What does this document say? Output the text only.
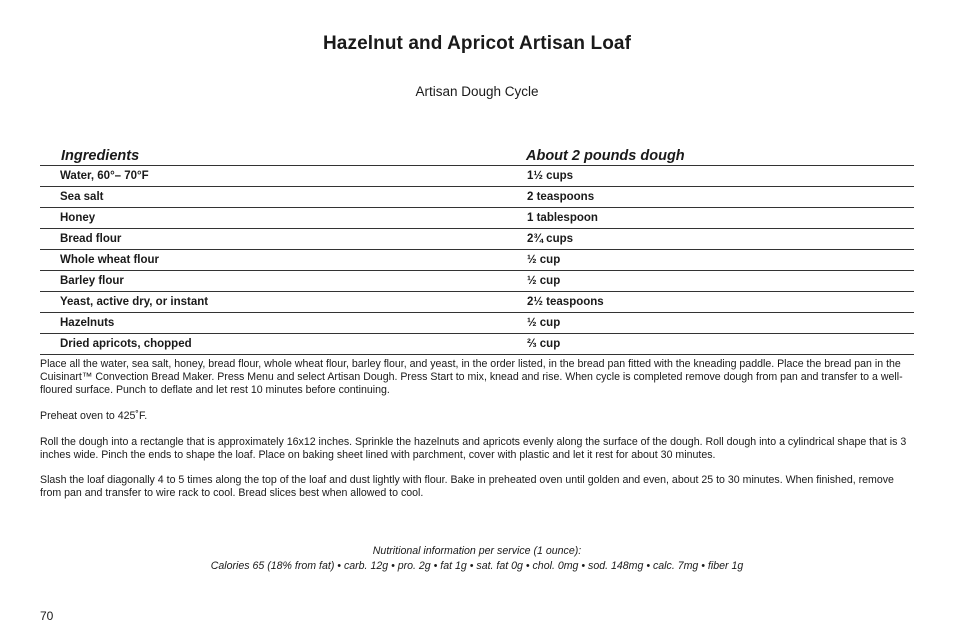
Hazelnut and Apricot Artisan Loaf
Artisan Dough Cycle
Ingredients	About 2 pounds dough
Water, 60°– 70°F	1½ cups
Sea salt	2 teaspoons
Honey	1 tablespoon
Bread flour	2¾ cups
Whole wheat flour	½ cup
Barley flour	½ cup
Yeast, active dry, or instant	2½ teaspoons
Hazelnuts	½ cup
Dried apricots, chopped	⅔ cup

Place all the water, sea salt, honey, bread flour, whole wheat flour, barley flour, and yeast, in the order listed, in the bread pan fitted with the kneading paddle. Place the bread pan in the Cuisinart™ Convection Bread Maker. Press Menu and select Artisan Dough. Press Start to mix, knead and rise. When cycle is completed remove dough from pan and transfer to a well-floured surface. Punch to deflate and let rest 10 minutes before continuing.

Preheat oven to 425˚F.

Roll the dough into a rectangle that is approximately 16x12 inches. Sprinkle the hazelnuts and apricots evenly along the surface of the dough. Roll dough into a cylindrical shape that is 3 inches wide. Pinch the ends to shape the loaf. Place on baking sheet lined with parchment, cover with plastic and let it rest for about 30 minutes.

Slash the loaf diagonally 4 to 5 times along the top of the loaf and dust lightly with flour. Bake in preheated oven until golden and even, about 25 to 30 minutes. When finished, remove from pan and transfer to wire rack to cool. Bread slices best when allowed to cool.

Nutritional information per service (1 ounce):
Calories 65 (18% from fat) • carb. 12g • pro. 2g • fat 1g • sat. fat 0g • chol. 0mg • sod. 148mg • calc. 7mg • fiber 1g
70
